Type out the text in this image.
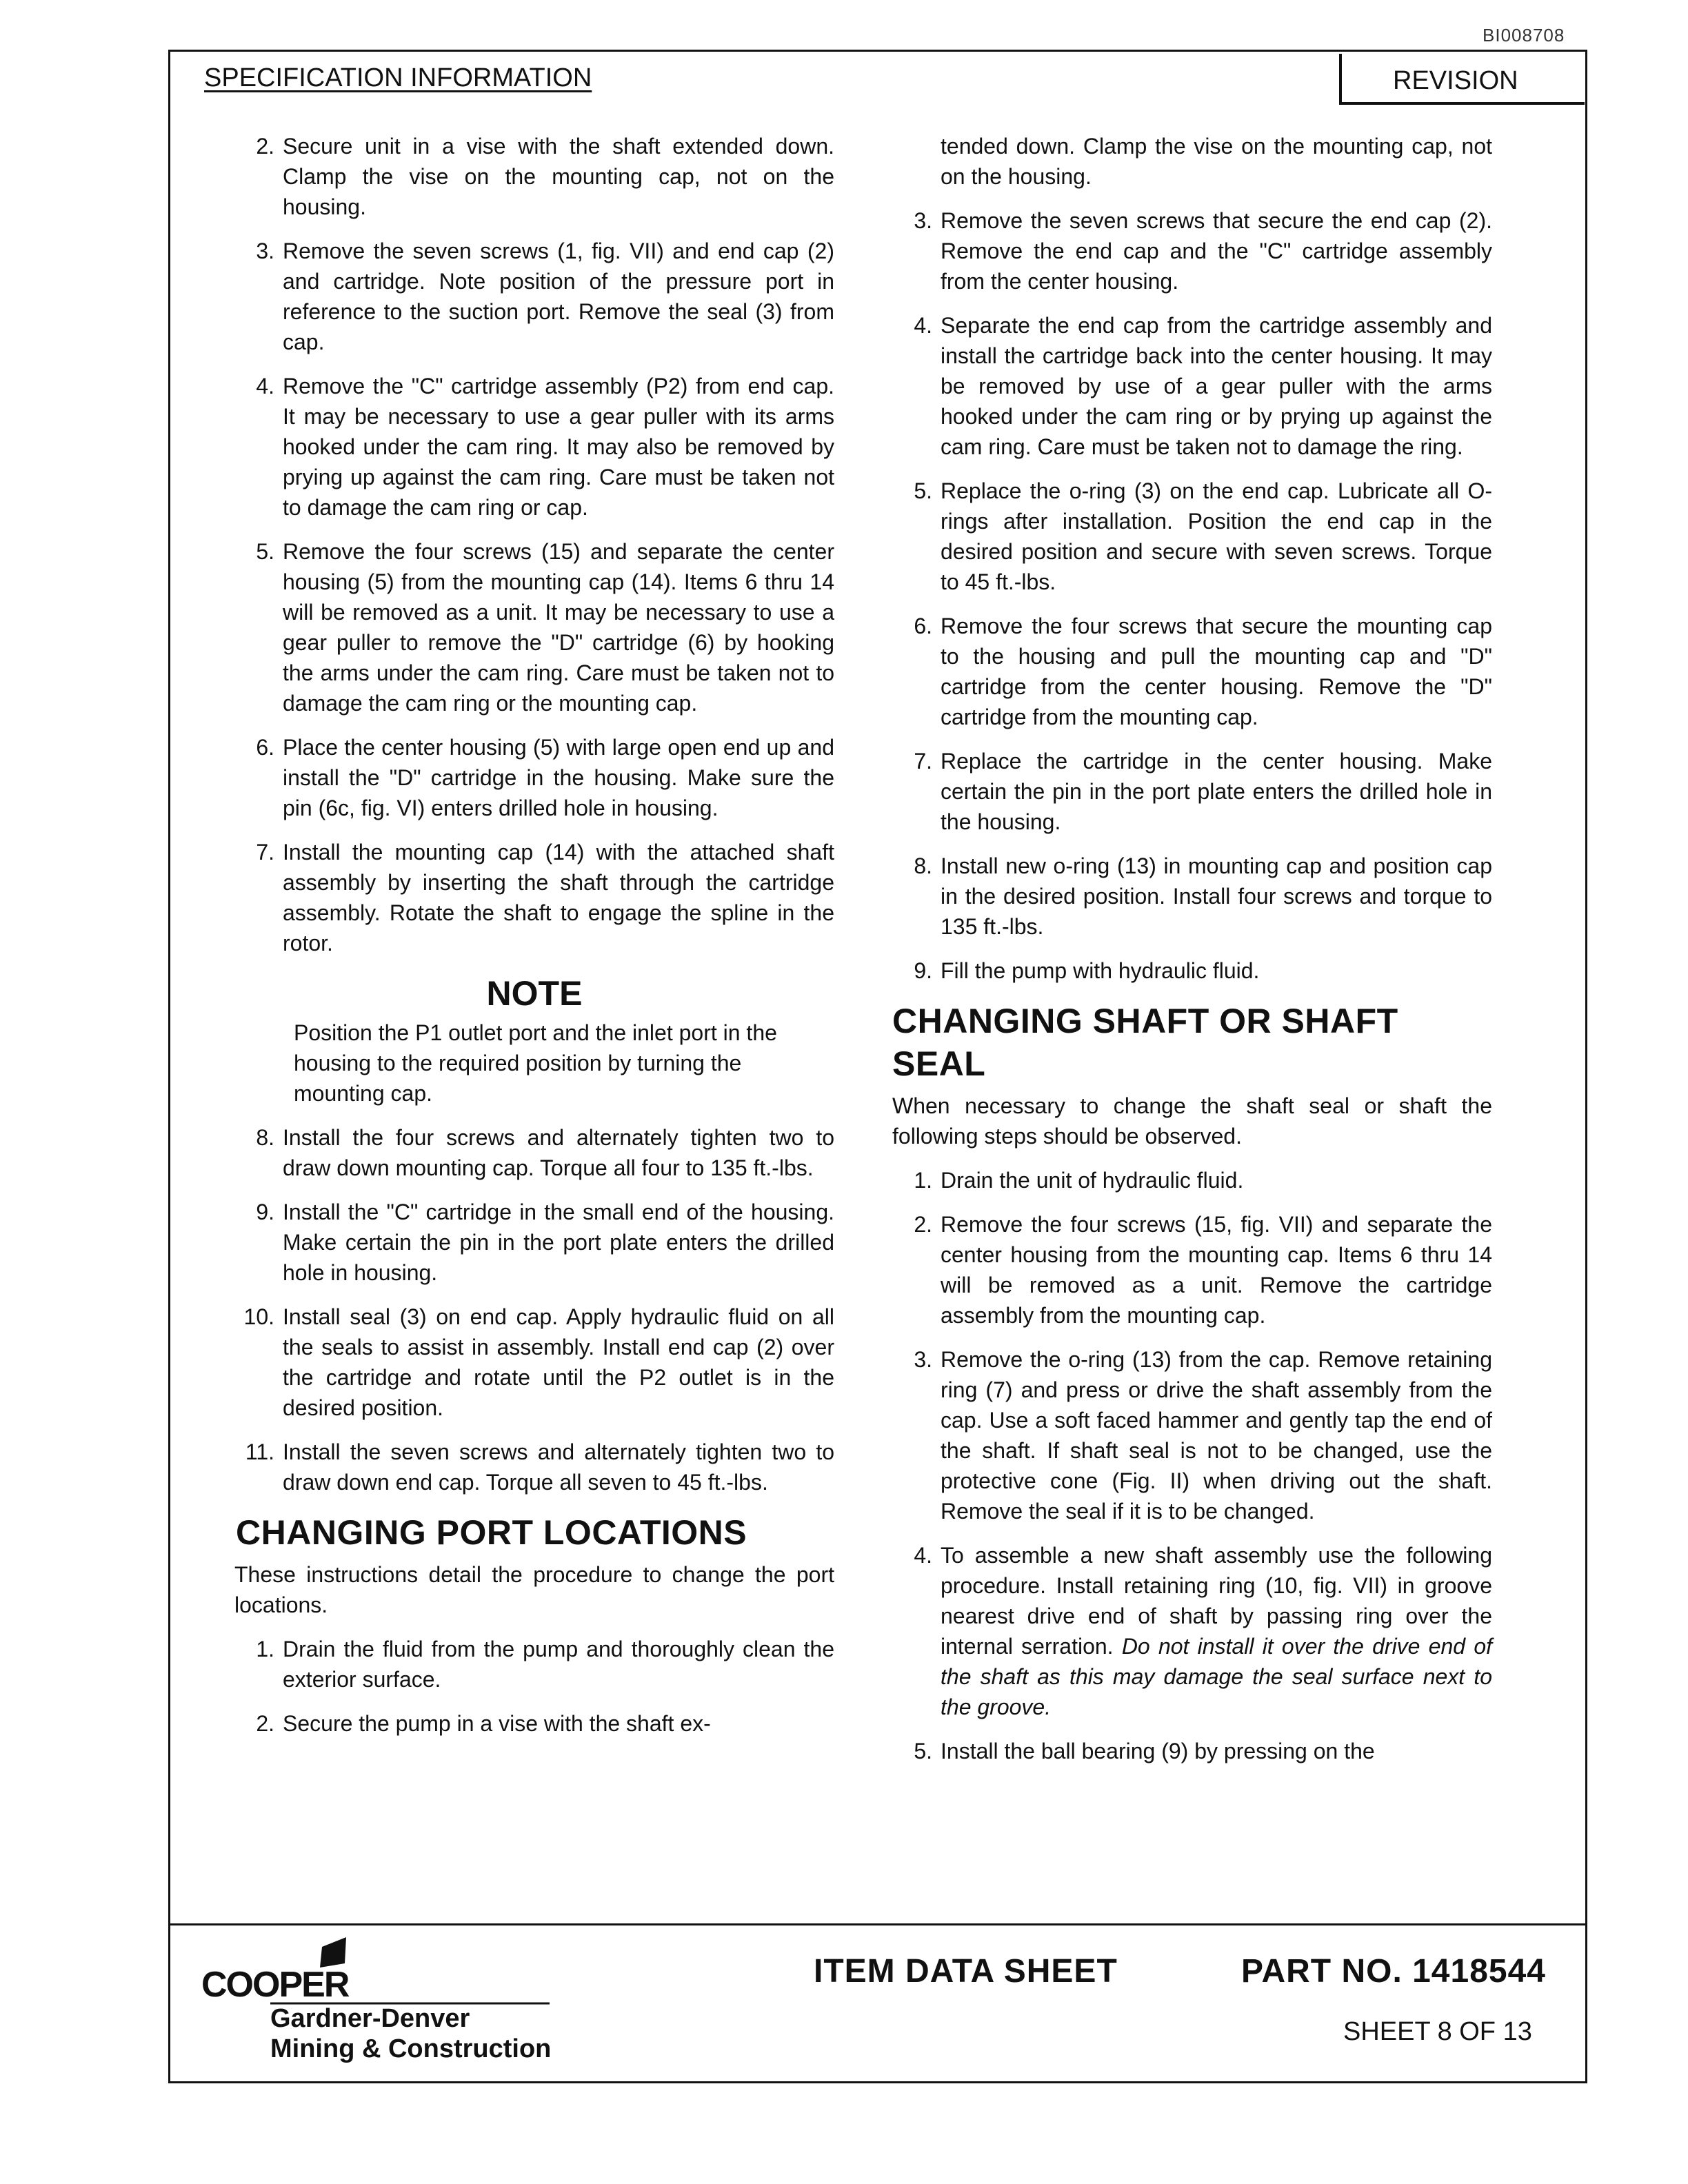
BI008708
SPECIFICATION INFORMATION	REVISION
2. Secure unit in a vise with the shaft extended down. Clamp the vise on the mounting cap, not on the housing.
3. Remove the seven screws (1, fig. VII) and end cap (2) and cartridge. Note position of the pressure port in reference to the suction port. Remove the seal (3) from cap.
4. Remove the "C" cartridge assembly (P2) from end cap. It may be necessary to use a gear puller with its arms hooked under the cam ring. It may also be removed by prying up against the cam ring. Care must be taken not to damage the cam ring or cap.
5. Remove the four screws (15) and separate the center housing (5) from the mounting cap (14). Items 6 thru 14 will be removed as a unit. It may be necessary to use a gear puller to remove the "D" cartridge (6) by hooking the arms under the cam ring. Care must be taken not to damage the cam ring or the mounting cap.
6. Place the center housing (5) with large open end up and install the "D" cartridge in the housing. Make sure the pin (6c, fig. VI) enters drilled hole in housing.
7. Install the mounting cap (14) with the attached shaft assembly by inserting the shaft through the cartridge assembly. Rotate the shaft to engage the spline in the rotor.
NOTE
Position the P1 outlet port and the inlet port in the housing to the required position by turning the mounting cap.
8. Install the four screws and alternately tighten two to draw down mounting cap. Torque all four to 135 ft.-lbs.
9. Install the "C" cartridge in the small end of the housing. Make certain the pin in the port plate enters the drilled hole in housing.
10. Install seal (3) on end cap. Apply hydraulic fluid on all the seals to assist in assembly. Install end cap (2) over the cartridge and rotate until the P2 outlet is in the desired position.
11. Install the seven screws and alternately tighten two to draw down end cap. Torque all seven to 45 ft.-lbs.
CHANGING PORT LOCATIONS
These instructions detail the procedure to change the port locations.
1. Drain the fluid from the pump and thoroughly clean the exterior surface.
2. Secure the pump in a vise with the shaft ex-
tended down. Clamp the vise on the mounting cap, not on the housing.
3. Remove the seven screws that secure the end cap (2). Remove the end cap and the "C" cartridge assembly from the center housing.
4. Separate the end cap from the cartridge assembly and install the cartridge back into the center housing. It may be removed by use of a gear puller with the arms hooked under the cam ring or by prying up against the cam ring. Care must be taken not to damage the ring.
5. Replace the o-ring (3) on the end cap. Lubricate all O-rings after installation. Position the end cap in the desired position and secure with seven screws. Torque to 45 ft.-lbs.
6. Remove the four screws that secure the mounting cap to the housing and pull the mounting cap and "D" cartridge from the center housing. Remove the "D" cartridge from the mounting cap.
7. Replace the cartridge in the center housing. Make certain the pin in the port plate enters the drilled hole in the housing.
8. Install new o-ring (13) in mounting cap and position cap in the desired position. Install four screws and torque to 135 ft.-lbs.
9. Fill the pump with hydraulic fluid.
CHANGING SHAFT OR SHAFT SEAL
When necessary to change the shaft seal or shaft the following steps should be observed.
1. Drain the unit of hydraulic fluid.
2. Remove the four screws (15, fig. VII) and separate the center housing from the mounting cap. Items 6 thru 14 will be removed as a unit. Remove the cartridge assembly from the mounting cap.
3. Remove the o-ring (13) from the cap. Remove retaining ring (7) and press or drive the shaft assembly from the cap. Use a soft faced hammer and gently tap the end of the shaft. If shaft seal is not to be changed, use the protective cone (Fig. II) when driving out the shaft. Remove the seal if it is to be changed.
4. To assemble a new shaft assembly use the following procedure. Install retaining ring (10, fig. VII) in groove nearest drive end of shaft by passing ring over the internal serration. Do not install it over the drive end of the shaft as this may damage the seal surface next to the groove.
5. Install the ball bearing (9) by pressing on the
COOPER
Gardner-Denver
Mining & Construction
ITEM DATA SHEET	PART NO. 1418544
SHEET 8 OF 13
